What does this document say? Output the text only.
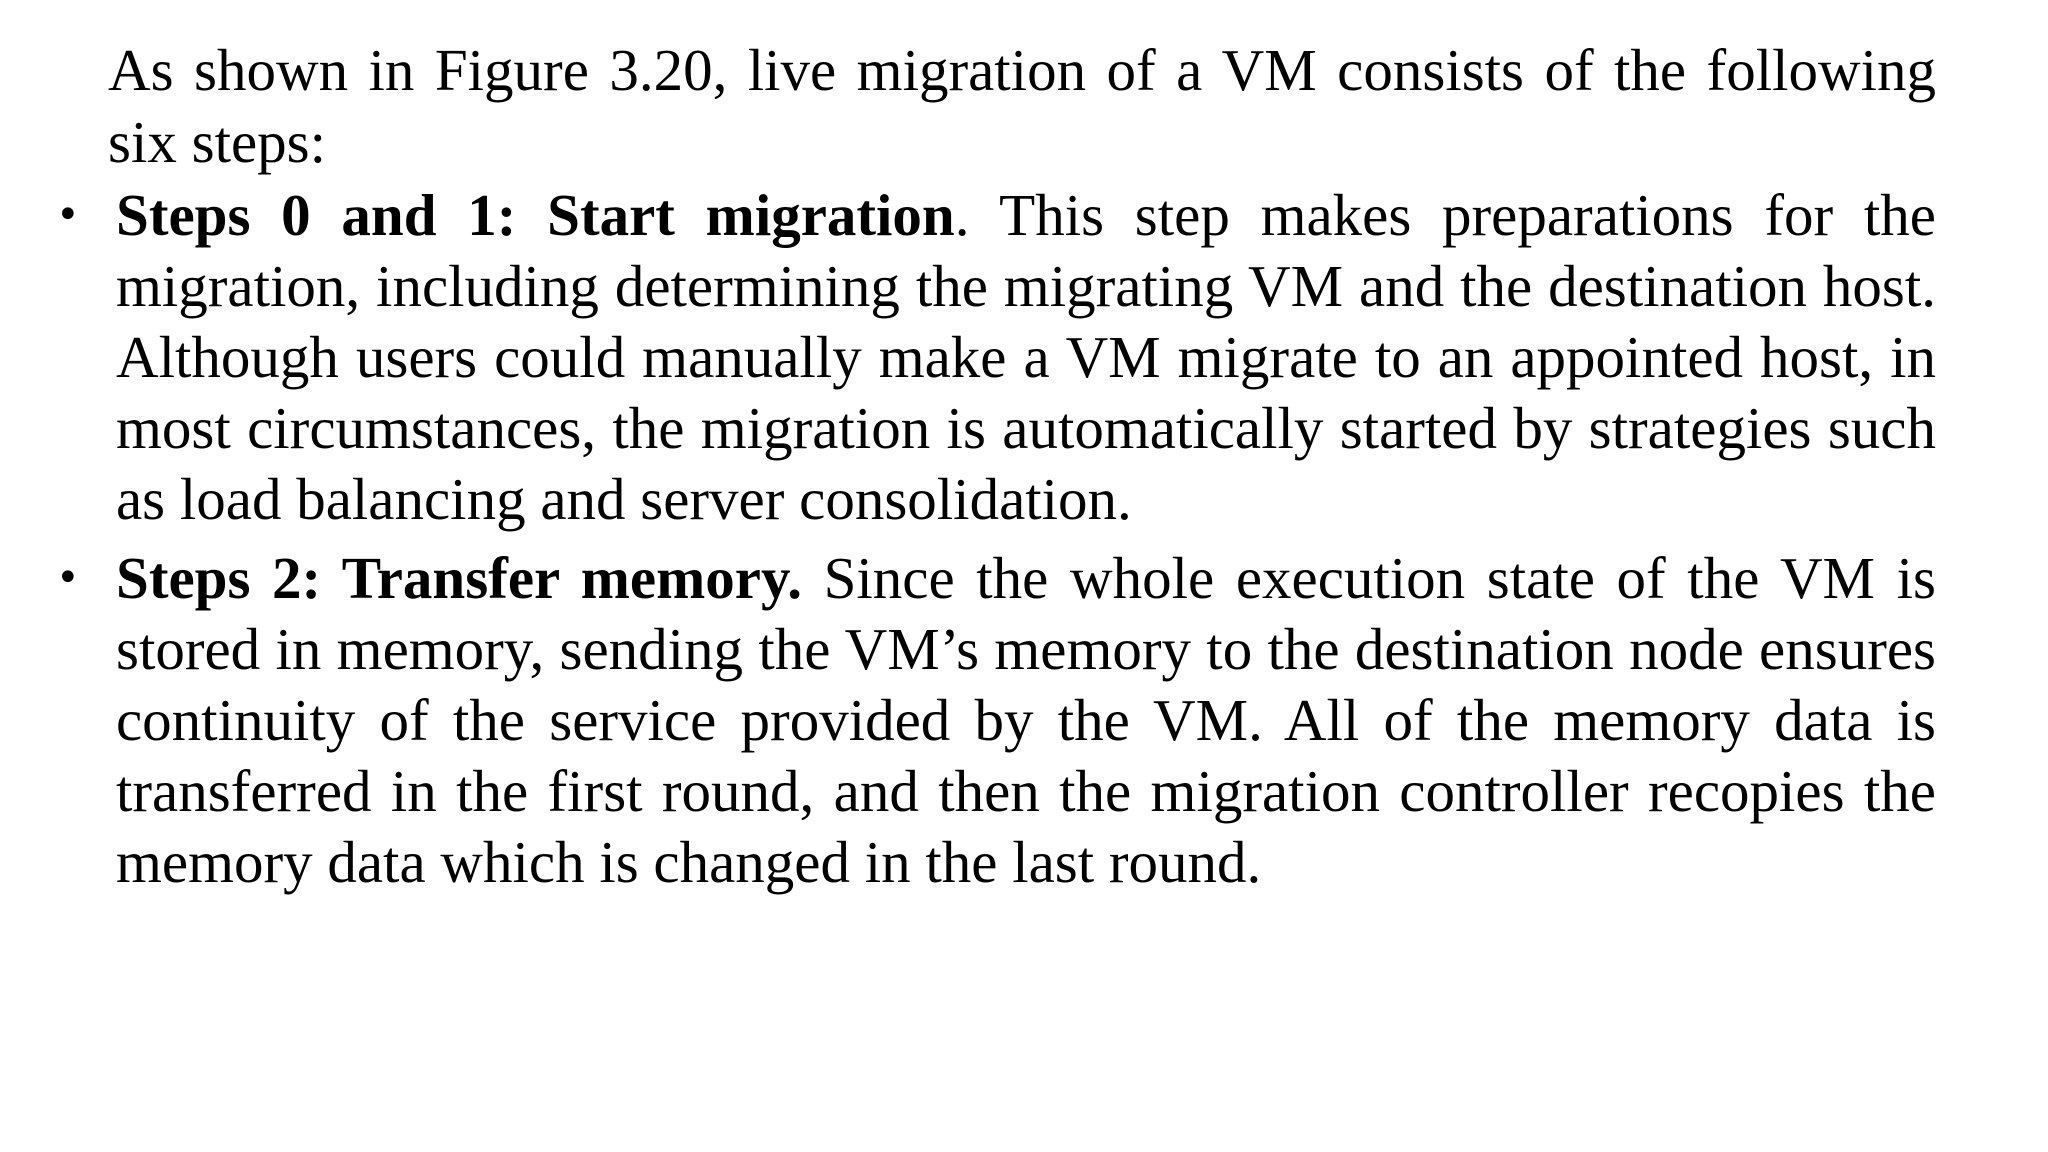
As shown in Figure 3.20, live migration of a VM consists of the following six steps:

• Steps 0 and 1: Start migration. This step makes preparations for the migration, including determining the migrating VM and the destination host. Although users could manually make a VM migrate to an appointed host, in most circumstances, the migration is automatically started by strategies such as load balancing and server consolidation.
• Steps 2: Transfer memory. Since the whole execution state of the VM is stored in memory, sending the VM’s memory to the destination node ensures continuity of the service provided by the VM. All of the memory data is transferred in the first round, and then the migration controller recopies the memory data which is changed in the last round.
